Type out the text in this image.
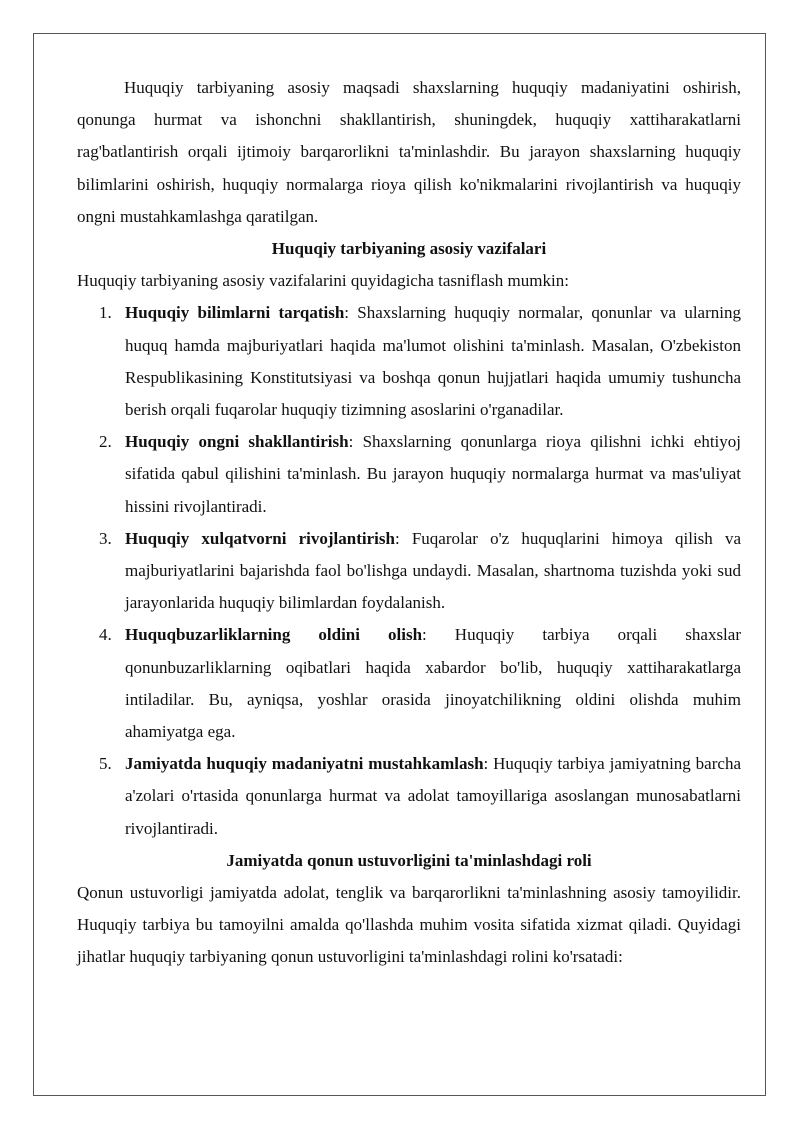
Huquqiy tarbiyaning asosiy maqsadi shaxslarning huquqiy madaniyatini oshirish, qonunga hurmat va ishonchni shakllantirish, shuningdek, huquqiy xattiharakatlarni rag'batlantirish orqali ijtimoiy barqarorlikni ta'minlashdir. Bu jarayon shaxslarning huquqiy bilimlarini oshirish, huquqiy normalarga rioya qilish ko'nikmalarini rivojlantirish va huquqiy ongni mustahkamlashga qaratilgan.

Huquqiy tarbiyaning asosiy vazifalari

Huquqiy tarbiyaning asosiy vazifalarini quyidagicha tasniflash mumkin:

1. Huquqiy bilimlarni tarqatish: Shaxslarning huquqiy normalar, qonunlar va ularning huquq hamda majburiyatlari haqida ma'lumot olishini ta'minlash. Masalan, O'zbekiston Respublikasining Konstitutsiyasi va boshqa qonun hujjatlari haqida umumiy tushuncha berish orqali fuqarolar huquqiy tizimning asoslarini o'rganadilar.
2. Huquqiy ongni shakllantirish: Shaxslarning qonunlarga rioya qilishni ichki ehtiyoj sifatida qabul qilishini ta'minlash. Bu jarayon huquqiy normalarga hurmat va mas'uliyat hissini rivojlantiradi.
3. Huquqiy xulqatvorni rivojlantirish: Fuqarolar o'z huquqlarini himoya qilish va majburiyatlarini bajarishda faol bo'lishga undaydi. Masalan, shartnoma tuzishda yoki sud jarayonlarida huquqiy bilimlardan foydalanish.
4. Huquqbuzarliklarning oldini olish: Huquqiy tarbiya orqali shaxslar qonunbuzarliklarning oqibatlari haqida xabardor bo'lib, huquqiy xattiharakatlarga intiladilar. Bu, ayniqsa, yoshlar orasida jinoyatchilikning oldini olishda muhim ahamiyatga ega.
5. Jamiyatda huquqiy madaniyatni mustahkamlash: Huquqiy tarbiya jamiyatning barcha a'zolari o'rtasida qonunlarga hurmat va adolat tamoyillariga asoslangan munosabatlarni rivojlantiradi.

Jamiyatda qonun ustuvorligini ta'minlashdagi roli

Qonun ustuvorligi jamiyatda adolat, tenglik va barqarorlikni ta'minlashning asosiy tamoyilidir. Huquqiy tarbiya bu tamoyilni amalda qo'llashda muhim vosita sifatida xizmat qiladi. Quyidagi jihatlar huquqiy tarbiyaning qonun ustuvorligini ta'minlashdagi rolini ko'rsatadi:
